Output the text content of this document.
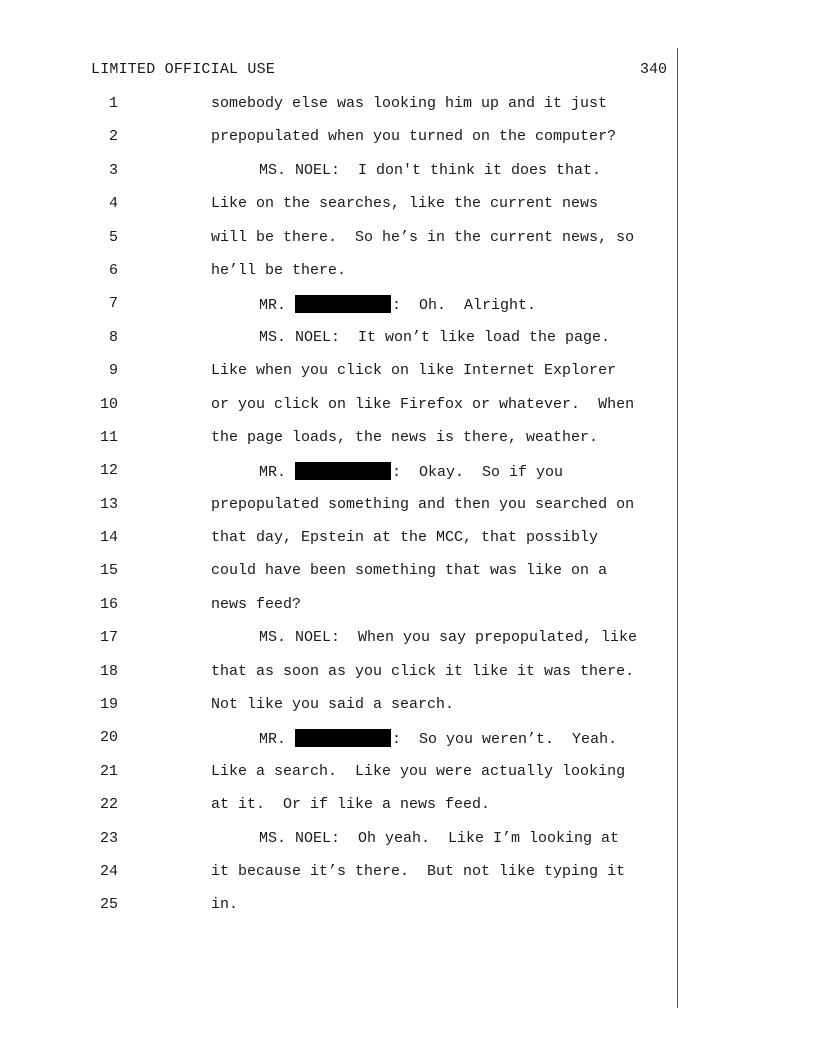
LIMITED OFFICIAL USE	340
1	somebody else was looking him up and it just
2	prepopulated when you turned on the computer?
3	MS. NOEL:  I don't think it does that.
4	Like on the searches, like the current news
5	will be there.  So he’s in the current news, so
6	he’ll be there.
7	MR.	:  Oh.  Alright.
8	MS. NOEL:  It won’t like load the page.
9	Like when you click on like Internet Explorer
10	or you click on like Firefox or whatever.  When
11	the page loads, the news is there, weather.
12	MR.	:  Okay.  So if you
13	prepopulated something and then you searched on
14	that day, Epstein at the MCC, that possibly
15	could have been something that was like on a
16	news feed?
17	MS. NOEL:  When you say prepopulated, like
18	that as soon as you click it like it was there.
19	Not like you said a search.
20	MR.	:  So you weren’t.  Yeah.
21	Like a search.  Like you were actually looking
22	at it.  Or if like a news feed.
23	MS. NOEL:  Oh yeah.  Like I’m looking at
24	it because it’s there.  But not like typing it
25	in.
